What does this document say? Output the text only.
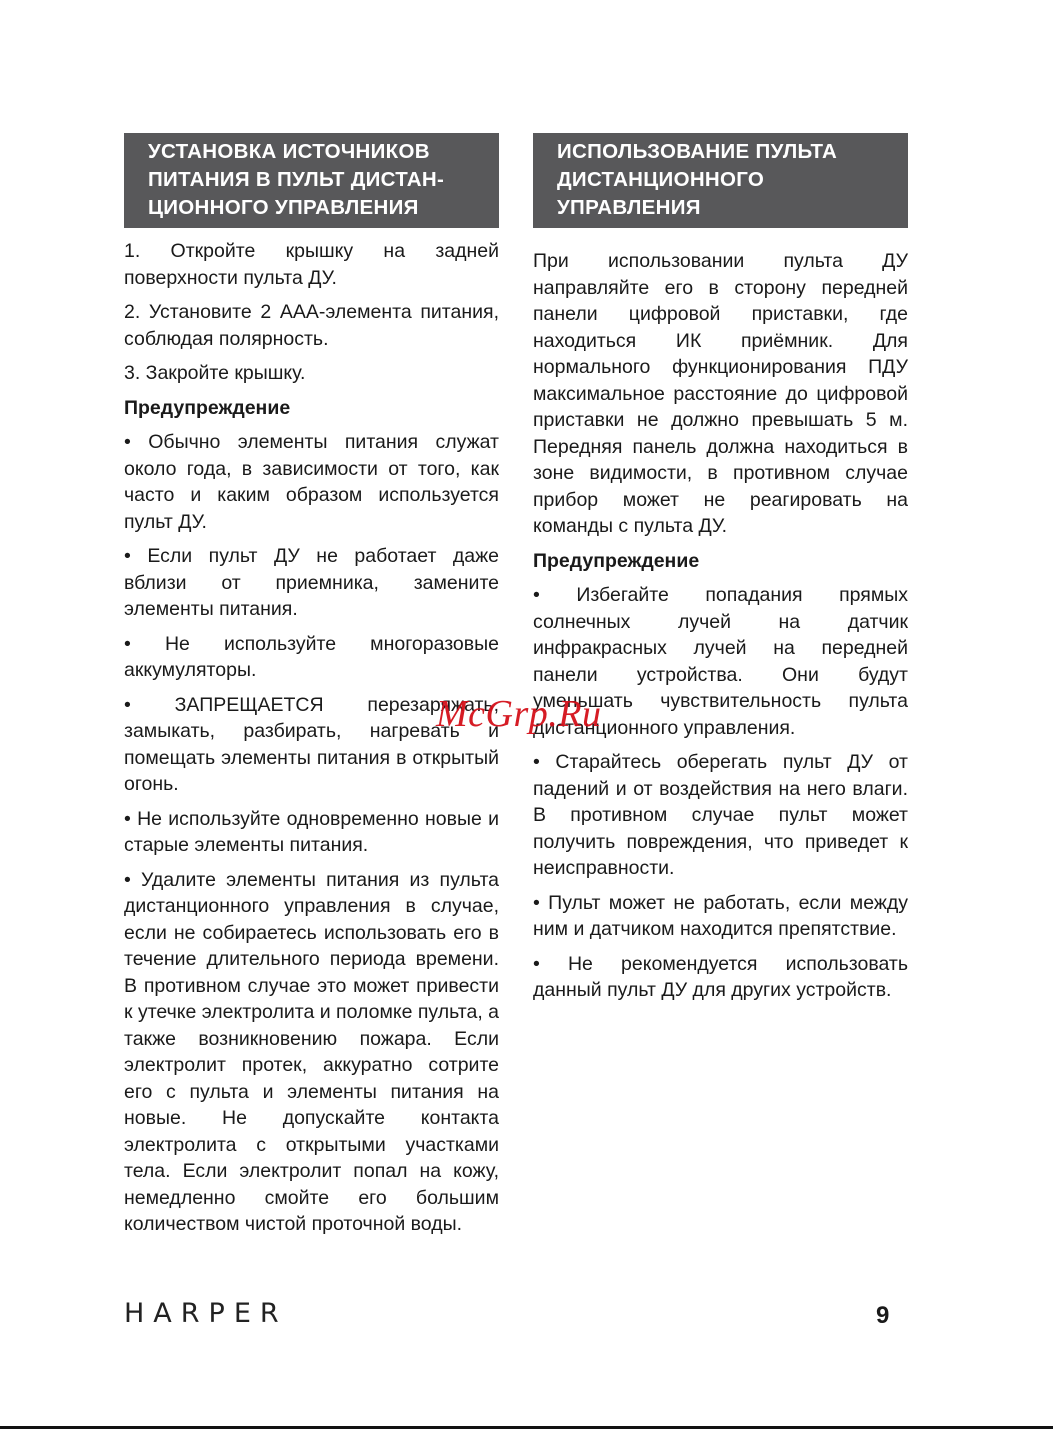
УСТАНОВКА ИСТОЧНИКОВ ПИТАНИЯ В ПУЛЬТ ДИСТАН-ЦИОННОГО УПРАВЛЕНИЯ

1. Откройте крышку на задней поверхности пульта ДУ.

2. Установите 2 ААА-элемента питания, соблюдая полярность.

3. Закройте крышку.

Предупреждение

• Обычно элементы питания служат около года, в зависимости от того, как часто и каким образом используется пульт ДУ.

• Если пульт ДУ не работает даже вблизи от приемника, замените элементы питания.

• Не используйте многоразовые аккумуляторы.

• ЗАПРЕЩАЕТСЯ перезаряжать, замыкать, разбирать, нагревать и помещать элементы питания в открытый огонь.

• Не используйте одновременно новые и старые элементы питания.

• Удалите элементы питания из пульта дистанционного управления в случае, если не собираетесь использовать его в течение длительного периода времени. В противном случае это может привести к утечке электролита и поломке пульта, а также возникновению пожара. Если электролит протек, аккуратно сотрите его с пульта и элементы питания на новые. Не допускайте контакта электролита с открытыми участками тела. Если электролит попал на кожу, немедленно смойте его большим количеством чистой проточной воды.

ИСПОЛЬЗОВАНИЕ ПУЛЬТА ДИСТАНЦИОННОГО УПРАВЛЕНИЯ

При использовании пульта ДУ направляйте его в сторону передней панели цифровой приставки, где находиться ИК приёмник. Для нормального функционирования ПДУ максимальное расстояние до цифровой приставки не должно превышать 5 м. Передняя панель должна находиться в зоне видимости, в противном случае прибор может не реагировать на команды с пульта ДУ.

Предупреждение

• Избегайте попадания прямых солнечных лучей на датчик инфракрасных лучей на передней панели устройства. Они будут уменьшать чувствительность пульта дистанционного управления.

• Старайтесь оберегать пульт ДУ от падений и от воздействия на него влаги. В противном случае пульт может получить повреждения, что приведет к неисправности.

• Пульт может не работать, если между ним и датчиком находится препятствие.

• Не рекомендуется использовать данный пульт ДУ для других устройств.

McGrp.Ru
HARPER	9
